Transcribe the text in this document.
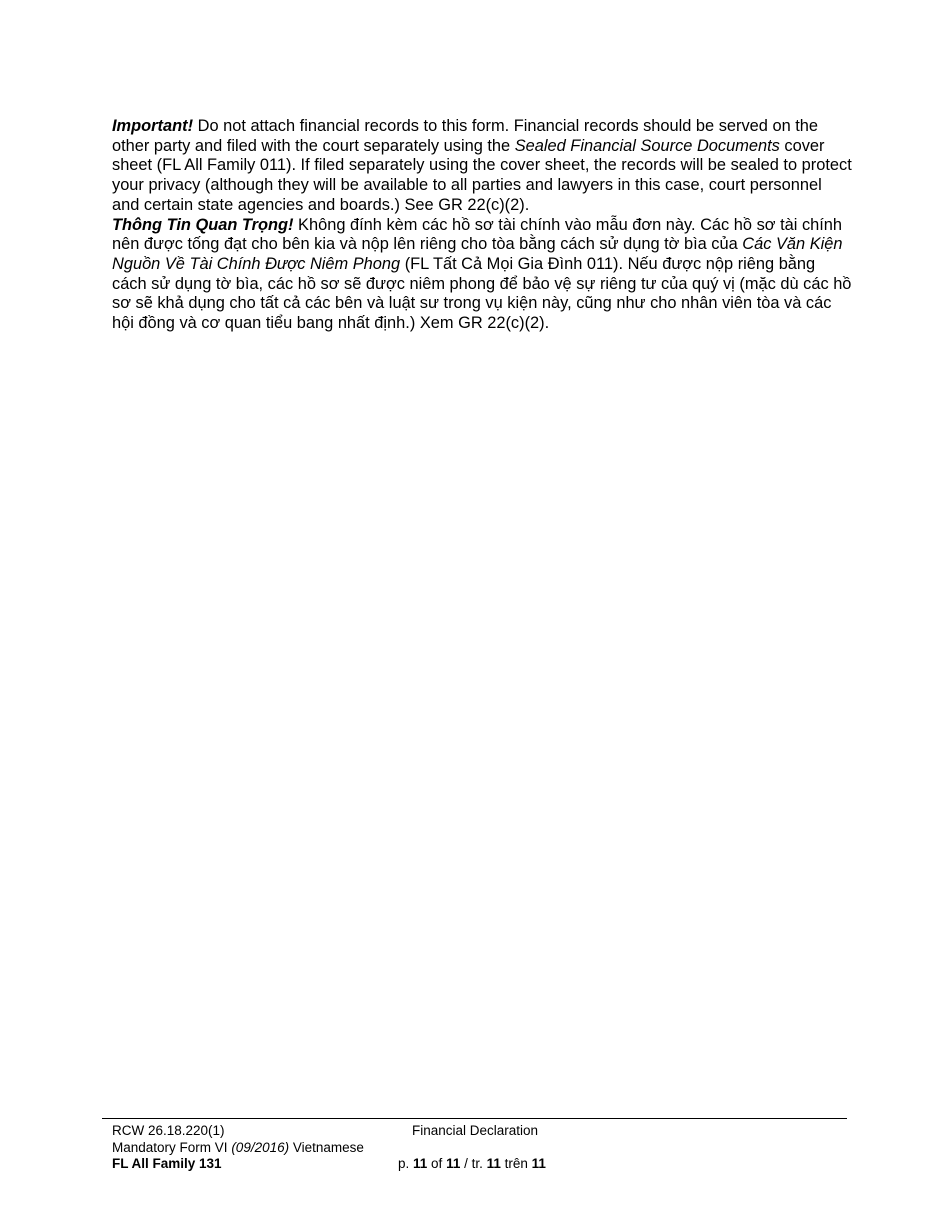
Important! Do not attach financial records to this form. Financial records should be served on the other party and filed with the court separately using the Sealed Financial Source Documents cover sheet (FL All Family 011). If filed separately using the cover sheet, the records will be sealed to protect your privacy (although they will be available to all parties and lawyers in this case, court personnel and certain state agencies and boards.) See GR 22(c)(2).

Thông Tin Quan Trọng! Không đính kèm các hồ sơ tài chính vào mẫu đơn này. Các hồ sơ tài chính nên được tống đạt cho bên kia và nộp lên riêng cho tòa bằng cách sử dụng tờ bìa của Các Văn Kiện Nguồn Về Tài Chính Được Niêm Phong (FL Tất Cả Mọi Gia Đình 011). Nếu được nộp riêng bằng cách sử dụng tờ bìa, các hồ sơ sẽ được niêm phong để bảo vệ sự riêng tư của quý vị (mặc dù các hồ sơ sẽ khả dụng cho tất cả các bên và luật sư trong vụ kiện này, cũng như cho nhân viên tòa và các hội đồng và cơ quan tiểu bang nhất định.) Xem GR 22(c)(2).

RCW 26.18.220(1)
Mandatory Form VI (09/2016) Vietnamese
FL All Family 131
Financial Declaration
p. 11 of 11 / tr. 11 trên 11
